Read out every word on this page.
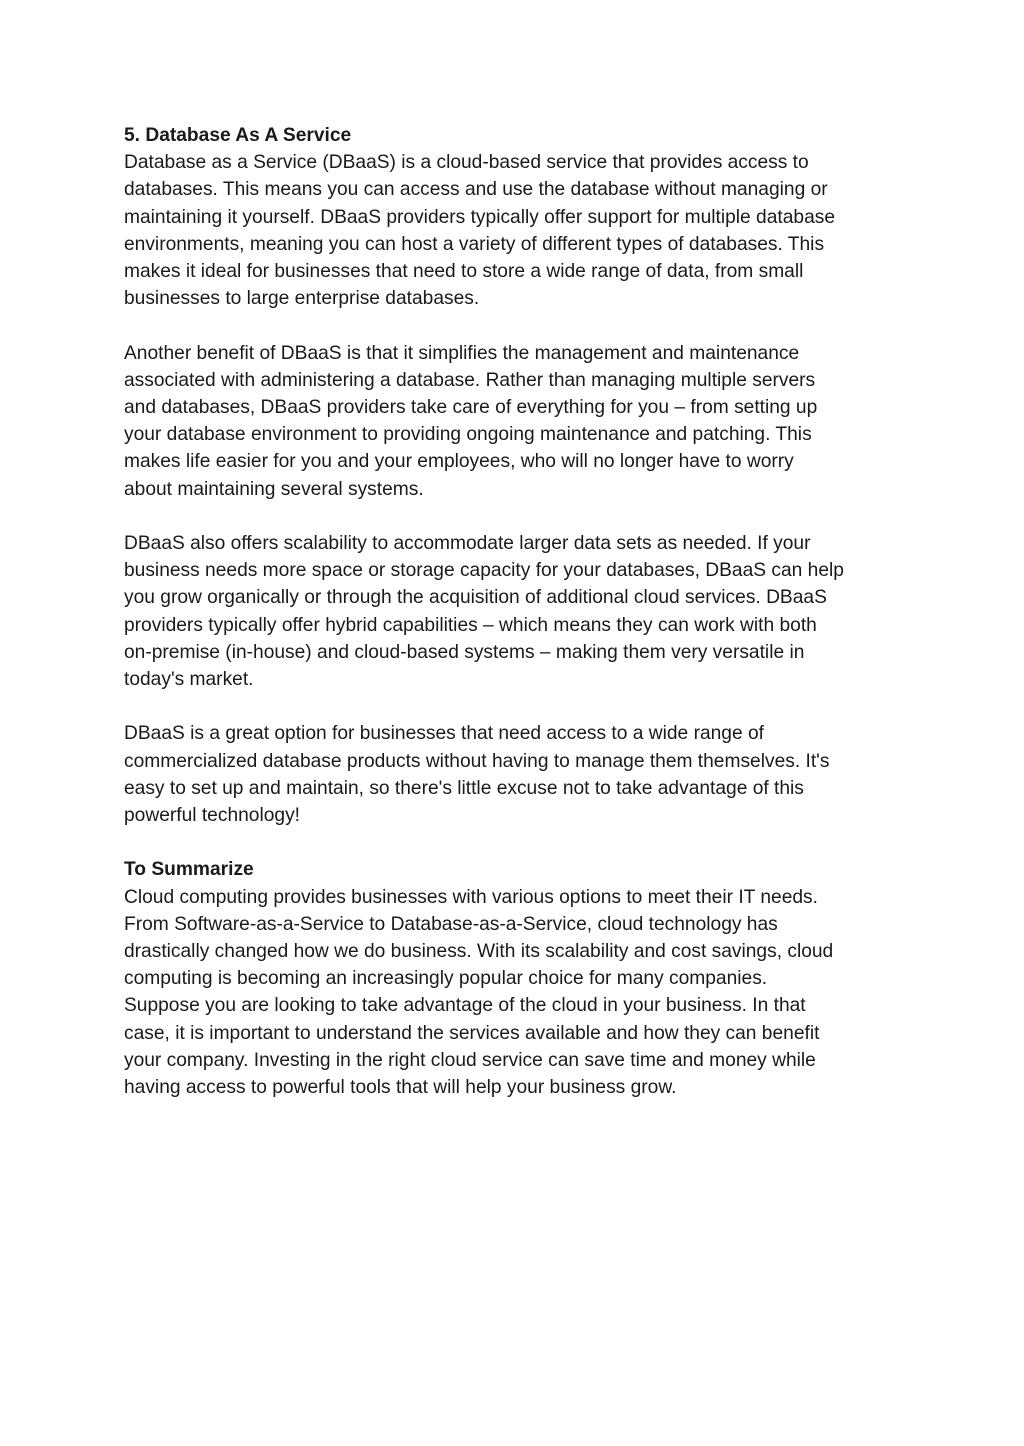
5. Database As A Service

Database as a Service (DBaaS) is a cloud-based service that provides access to
databases. This means you can access and use the database without managing or
maintaining it yourself. DBaaS providers typically offer support for multiple database
environments, meaning you can host a variety of different types of databases. This
makes it ideal for businesses that need to store a wide range of data, from small
businesses to large enterprise databases.

Another benefit of DBaaS is that it simplifies the management and maintenance
associated with administering a database. Rather than managing multiple servers
and databases, DBaaS providers take care of everything for you – from setting up
your database environment to providing ongoing maintenance and patching. This
makes life easier for you and your employees, who will no longer have to worry
about maintaining several systems.

DBaaS also offers scalability to accommodate larger data sets as needed. If your
business needs more space or storage capacity for your databases, DBaaS can help
you grow organically or through the acquisition of additional cloud services. DBaaS
providers typically offer hybrid capabilities – which means they can work with both
on-premise (in-house) and cloud-based systems – making them very versatile in
today's market.

DBaaS is a great option for businesses that need access to a wide range of
commercialized database products without having to manage them themselves. It's
easy to set up and maintain, so there's little excuse not to take advantage of this
powerful technology!

To Summarize

Cloud computing provides businesses with various options to meet their IT needs.
From Software-as-a-Service to Database-as-a-Service, cloud technology has
drastically changed how we do business. With its scalability and cost savings, cloud
computing is becoming an increasingly popular choice for many companies.
Suppose you are looking to take advantage of the cloud in your business. In that
case, it is important to understand the services available and how they can benefit
your company. Investing in the right cloud service can save time and money while
having access to powerful tools that will help your business grow.
